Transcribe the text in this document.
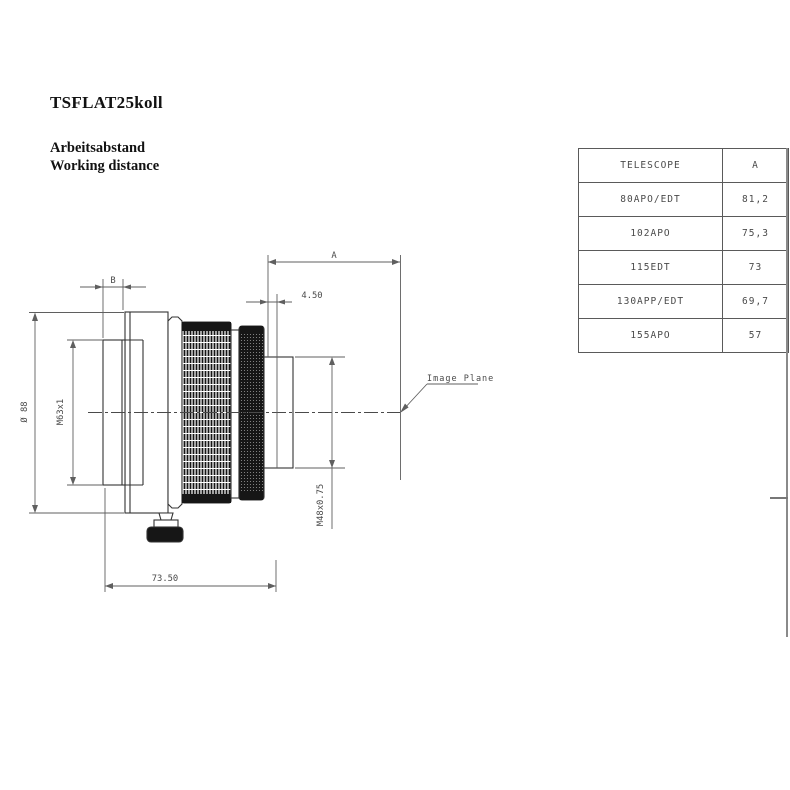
TSFLAT25koll
Arbeitsabstand
Working distance
Ø 88	M63x1
B
A
4.50
M48x0.75
73.50
Image Plane
TELESCOPE	A
80APO/EDT	81,2
102APO	75,3
115EDT	73
130APP/EDT	69,7
155APO	57
